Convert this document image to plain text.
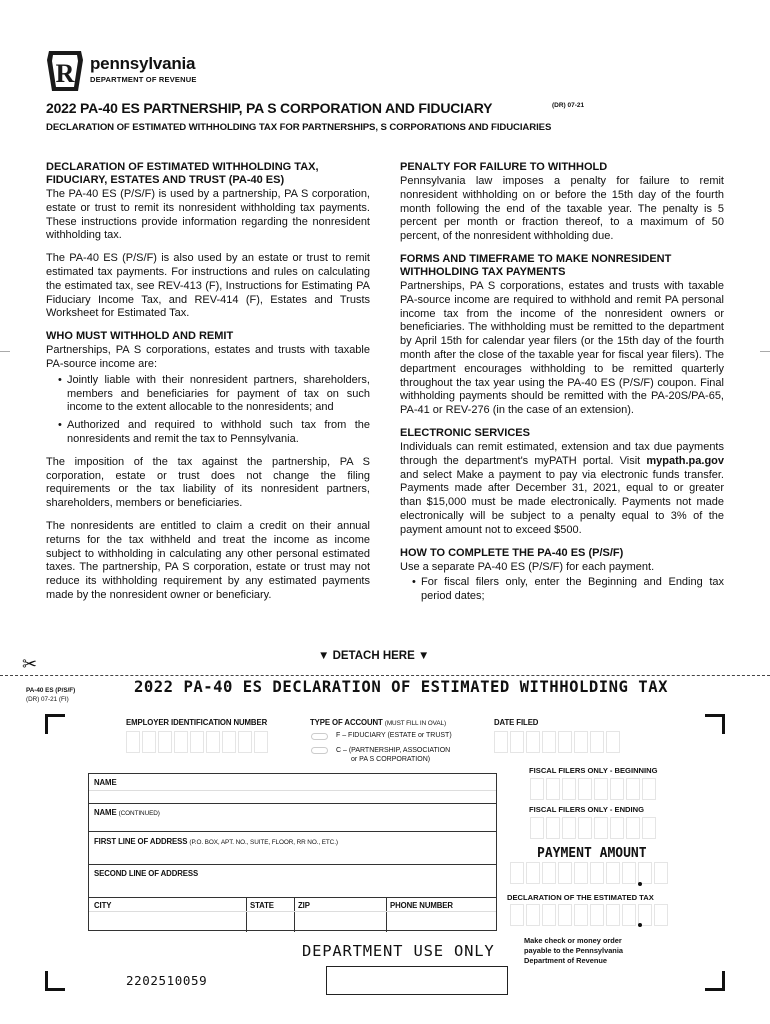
R pennsylvania
DEPARTMENT OF REVENUE
2022 PA-40 ES PARTNERSHIP, PA S CORPORATION AND FIDUCIARY	(DR) 07-21
DECLARATION OF ESTIMATED WITHHOLDING TAX FOR PARTNERSHIPS, S CORPORATIONS AND FIDUCIARIES
DECLARATION OF ESTIMATED WITHHOLDING TAX, FIDUCIARY, ESTATES AND TRUST (PA-40 ES)

The PA-40 ES (P/S/F) is used by a partnership, PA S corporation, estate or trust to remit its nonresident withholding tax payments. These instructions provide information regarding the nonresident withholding tax.

The PA-40 ES (P/S/F) is also used by an estate or trust to remit estimated tax payments. For instructions and rules on calculating the estimated tax, see REV-413 (F), Instructions for Estimating PA Fiduciary Income Tax, and REV-414 (F), Estates and Trusts Worksheet for Estimated Tax.

WHO MUST WITHHOLD AND REMIT

Partnerships, PA S corporations, estates and trusts with taxable PA-source income are:

• Jointly liable with their nonresident partners, shareholders, members and beneficiaries for payment of tax on such income to the extent allocable to the nonresidents; and
• Authorized and required to withhold such tax from the nonresidents and remit the tax to Pennsylvania.

The imposition of the tax against the partnership, PA S corporation, estate or trust does not change the filing requirements or the tax liability of its nonresident partners, shareholders, members or beneficiaries.

The nonresidents are entitled to claim a credit on their annual returns for the tax withheld and treat the income as income subject to withholding in calculating any other personal estimated taxes. The partnership, PA S corporation, estate or trust may not reduce its withholding requirement by any estimated payments made by the nonresident owner or beneficiary.

PENALTY FOR FAILURE TO WITHHOLD

Pennsylvania law imposes a penalty for failure to remit nonresident withholding on or before the 15th day of the fourth month following the end of the taxable year. The penalty is 5 percent per month or fraction thereof, to a maximum of 50 percent, of the nonresident withholding due.

FORMS AND TIMEFRAME TO MAKE NONRESIDENT WITHHOLDING TAX PAYMENTS

Partnerships, PA S corporations, estates and trusts with taxable PA-source income are required to withhold and remit PA personal income tax from the income of the nonresident owners or beneficiaries. The withholding must be remitted to the department by April 15th for calendar year filers (or the 15th day of the fourth month after the close of the taxable year for fiscal year filers). The department encourages withholding to be remitted quarterly throughout the tax year using the PA-40 ES (P/S/F) coupon. Final withholding payments should be remitted with the PA-20S/PA-65, PA-41 or REV-276 (in the case of an extension).

ELECTRONIC SERVICES

Individuals can remit estimated, extension and tax due payments through the department's myPATH portal. Visit mypath.pa.gov and select Make a payment to pay via electronic funds transfer. Payments made after December 31, 2021, equal to or greater than $15,000 must be made electronically. Payments not made electronically will be subject to a penalty equal to 3% of the payment amount not to exceed $500.

HOW TO COMPLETE THE PA-40 ES (P/S/F)

Use a separate PA-40 ES (P/S/F) for each payment.

• For fiscal filers only, enter the Beginning and Ending tax period dates;
✂	▼ DETACH HERE ▼
PA-40 ES (P/S/F)
(DR) 07-21 (FI)
2022 PA-40 ES DECLARATION OF ESTIMATED WITHHOLDING TAX
EMPLOYER IDENTIFICATION NUMBER	TYPE OF ACCOUNT (MUST FILL IN OVAL)
F – FIDUCIARY (ESTATE or TRUST)
C – (PARTNERSHIP, ASSOCIATION
or PA S CORPORATION)
DATE FILED
NAME
NAME (CONTINUED)
FIRST LINE OF ADDRESS (P.O. BOX, APT. NO., SUITE, FLOOR, RR NO., ETC.)
SECOND LINE OF ADDRESS
CITY	STATE	ZIP	PHONE NUMBER
FISCAL FILERS ONLY - BEGINNING
FISCAL FILERS ONLY - ENDING
PAYMENT AMOUNT
DECLARATION OF THE ESTIMATED TAX
Make check or money order
payable to the Pennsylvania
Department of Revenue
DEPARTMENT USE ONLY
2202510059
